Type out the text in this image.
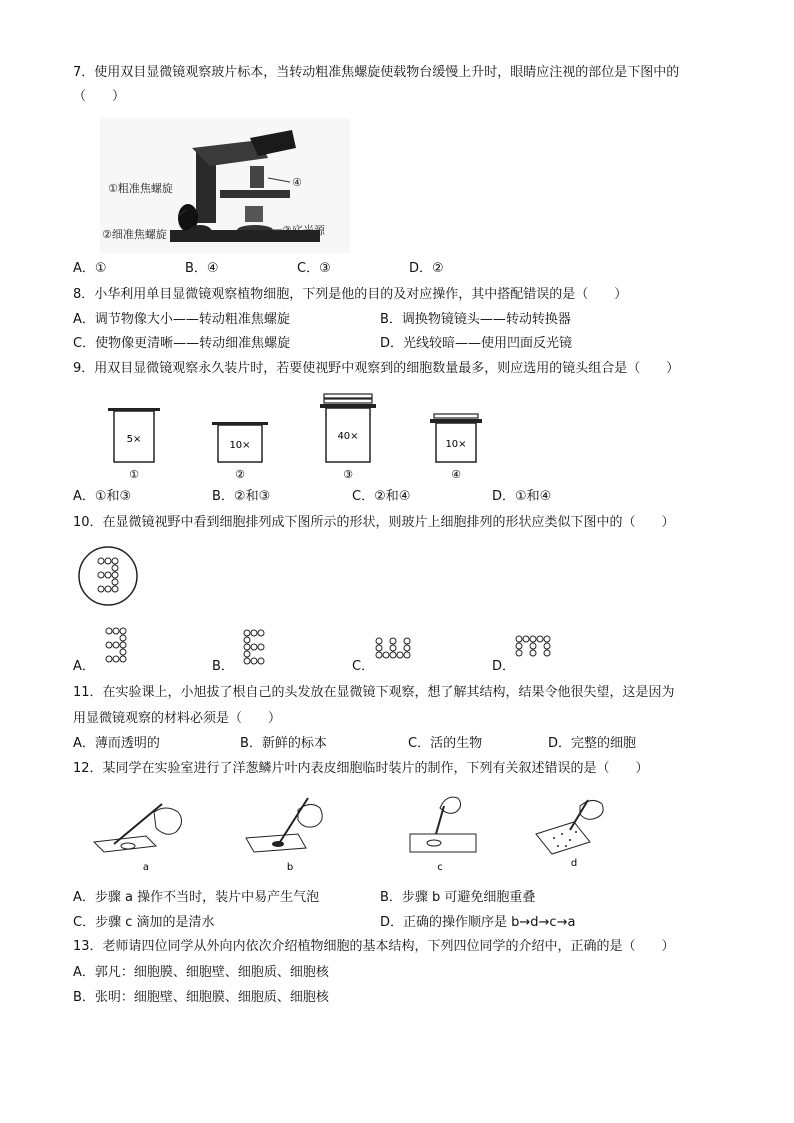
7．使用双目显微镜观察玻片标本，当转动粗准焦螺旋使载物台缓慢上升时，眼睛应注视的部位是下图中的
（　　）
④
①粗准焦螺旋
②细准焦螺旋	③底光源
A．①	B．④	C．③	D．②
8．小华利用单目显微镜观察植物细胞，下列是他的目的及对应操作，其中搭配错误的是（　　）
A．调节物像大小——转动粗准焦螺旋	B．调换物镜镜头——转动转换器
C．使物像更清晰——转动细准焦螺旋	D．光线较暗——使用凹面反光镜
9．用双目显微镜观察永久装片时，若要使视野中观察到的细胞数量最多，则应选用的镜头组合是（　　）
5×
①
10×
②
40×
③
10×
④
A．①和③	B．②和③	C．②和④	D．①和④
10．在显微镜视野中看到细胞排列成下图所示的形状，则玻片上细胞排列的形状应类似下图中的（　　）
A．	B．	C．	D．
11．在实验课上，小旭拔了根自己的头发放在显微镜下观察，想了解其结构，结果令他很失望，这是因为
用显微镜观察的材料必须是（　　）
A．薄而透明的	B．新鲜的标本	C．活的生物	D．完整的细胞
12．某同学在实验室进行了洋葱鳞片叶内表皮细胞临时装片的制作，下列有关叙述错误的是（　　）
a	b	c	d
A．步骤 a 操作不当时，装片中易产生气泡	B．步骤 b 可避免细胞重叠
C．步骤 c 滴加的是清水	D．正确的操作顺序是 b→d→c→a
13．老师请四位同学从外向内依次介绍植物细胞的基本结构，下列四位同学的介绍中，正确的是（　　）
A．郭凡：细胞膜、细胞壁、细胞质、细胞核
B．张明：细胞壁、细胞膜、细胞质、细胞核
